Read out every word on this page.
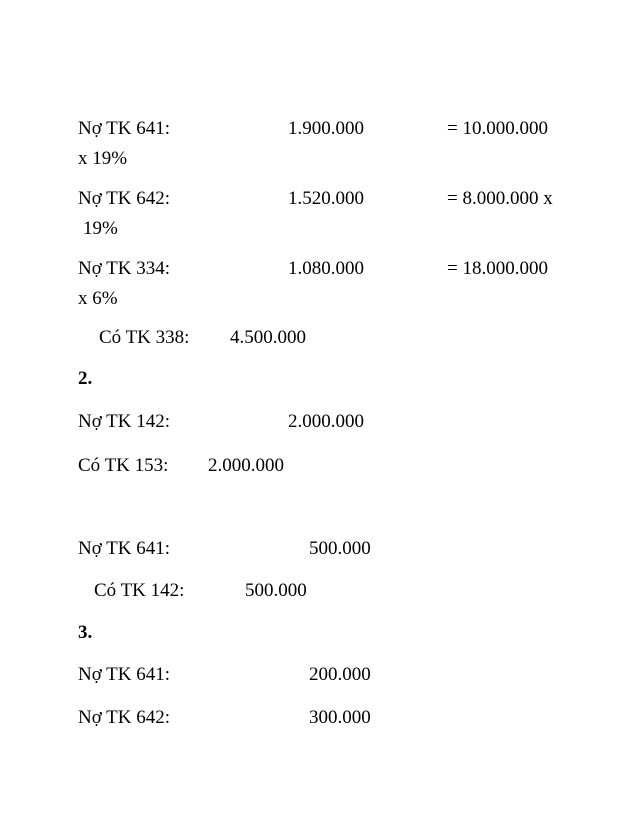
Nợ TK 641:	1.900.000	= 10.000.000
x 19%
Nợ TK 642:	1.520.000	= 8.000.000 x
19%
Nợ TK 334:	1.080.000	= 18.000.000
x 6%
Có TK 338: 4.500.000
2.
Nợ TK 142:	2.000.000
Có TK 153: 2.000.000
Nợ TK 641:	500.000
Có TK 142:	500.000
3.
Nợ TK 641:	200.000
Nợ TK 642:	300.000
